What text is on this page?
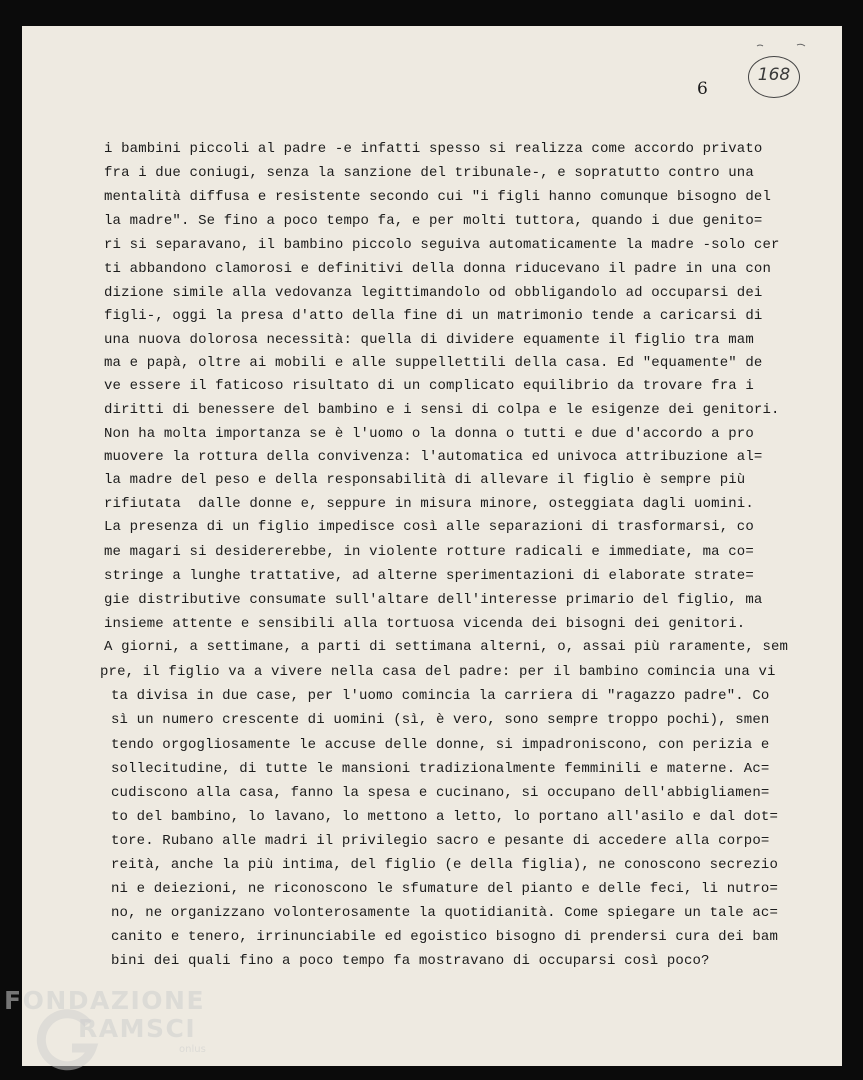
168
6
i bambini piccoli al padre -e infatti spesso si realizza come accordo privato
fra i due coniugi, senza la sanzione del tribunale-, e sopratutto contro una
mentalità diffusa e resistente secondo cui "i figli hanno comunque bisogno del
la madre". Se fino a poco tempo fa, e per molti tuttora, quando i due genito=
ri si separavano, il bambino piccolo seguiva automaticamente la madre -solo cer
ti abbandono clamorosi e definitivi della donna riducevano il padre in una con
dizione simile alla vedovanza legittimandolo od obbligandolo ad occuparsi dei
figli-, oggi la presa d'atto della fine di un matrimonio tende a caricarsi di
una nuova dolorosa necessità: quella di dividere equamente il figlio tra mam
ma e papà, oltre ai mobili e alle suppellettili della casa. Ed "equamente" de
ve essere il faticoso risultato di un complicato equilibrio da trovare fra i
diritti di benessere del bambino e i sensi di colpa e le esigenze dei genitori.
Non ha molta importanza se è l'uomo o la donna o tutti e due d'accordo a pro
muovere la rottura della convivenza: l'automatica ed univoca attribuzione al=
la madre del peso e della responsabilità di allevare il figlio è sempre più
rifiutata  dalle donne e, seppure in misura minore, osteggiata dagli uomini.
La presenza di un figlio impedisce così alle separazioni di trasformarsi, co
me magari si desidererebbe, in violente rotture radicali e immediate, ma co=
stringe a lunghe trattative, ad alterne sperimentazioni di elaborate strate=
gie distributive consumate sull'altare dell'interesse primario del figlio, ma
insieme attente e sensibili alla tortuosa vicenda dei bisogni dei genitori.
A giorni, a settimane, a parti di settimana alterni, o, assai più raramente, sem
pre, il figlio va a vivere nella casa del padre: per il bambino comincia una vi
ta divisa in due case, per l'uomo comincia la carriera di "ragazzo padre". Co
sì un numero crescente di uomini (sì, è vero, sono sempre troppo pochi), smen
tendo orgogliosamente le accuse delle donne, si impadroniscono, con perizia e
sollecitudine, di tutte le mansioni tradizionalmente femminili e materne. Ac=
cudiscono alla casa, fanno la spesa e cucinano, si occupano dell'abbigliamen=
to del bambino, lo lavano, lo mettono a letto, lo portano all'asilo e dal dot=
tore. Rubano alle madri il privilegio sacro e pesante di accedere alla corpo=
reità, anche la più intima, del figlio (e della figlia), ne conoscono secrezio
ni e deiezioni, ne riconoscono le sfumature del pianto e delle feci, li nutro=
no, ne organizzano volonterosamente la quotidianità. Come spiegare un tale ac=
canito e tenero, irrinunciabile ed egoistico bisogno di prendersi cura dei bam
bini dei quali fino a poco tempo fa mostravano di occuparsi così poco?
FONDAZIONE
RAMSCI
onlus
